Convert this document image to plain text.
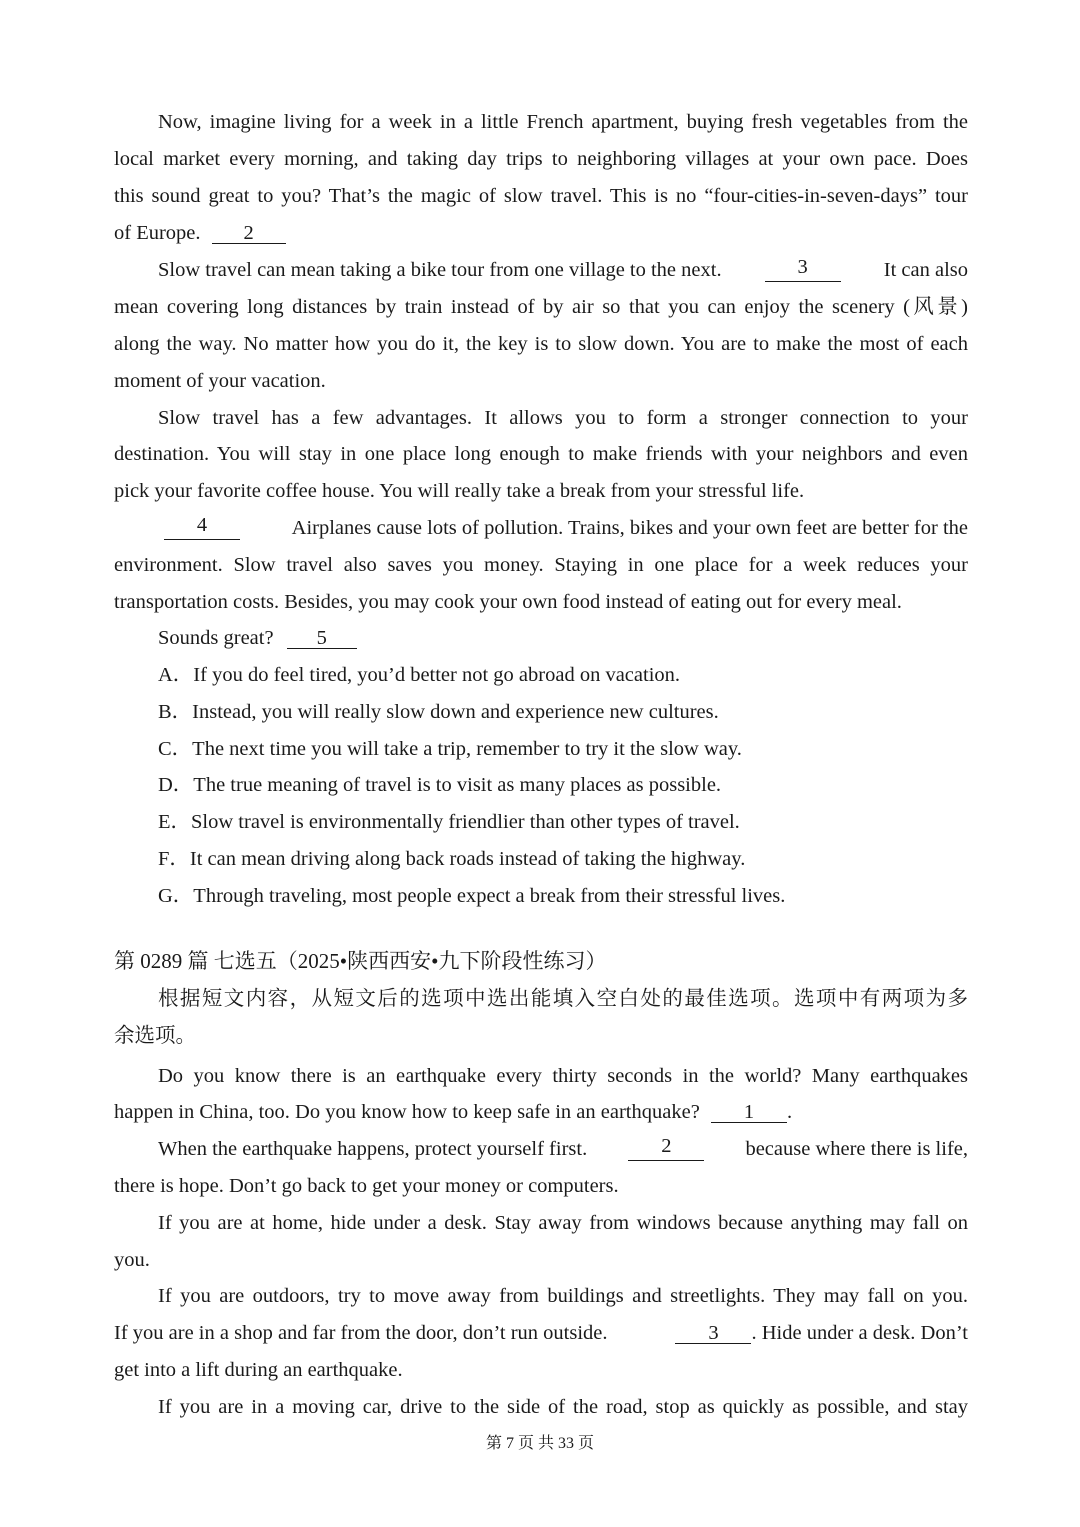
Now, imagine living for a week in a little French apartment, buying fresh vegetables from the
local market every morning, and taking day trips to neighboring villages at your own pace. Does
this sound great to you? That’s the magic of slow travel. This is no “four-cities-in-seven-days” tour
of Europe. 2
Slow travel can mean taking a bike tour from one village to the next.	3	It can also
mean covering long distances by train instead of by air so that you can enjoy the scenery (风景)
along the way. No matter how you do it, the key is to slow down. You are to make the most of each
moment of your vacation.
Slow travel has a few advantages. It allows you to form a stronger connection to your
destination. You will stay in one place long enough to make friends with your neighbors and even
pick your favorite coffee house. You will really take a break from your stressful life.
4	Airplanes cause lots of pollution. Trains, bikes and your own feet are better for the
environment. Slow travel also saves you money. Staying in one place for a week reduces your
transportation costs. Besides, you may cook your own food instead of eating out for every meal.
Sounds great? 5
A．If you do feel tired, you’d better not go abroad on vacation.
B．Instead, you will really slow down and experience new cultures.
C．The next time you will take a trip, remember to try it the slow way.
D．The true meaning of travel is to visit as many places as possible.
E．Slow travel is environmentally friendlier than other types of travel.
F．It can mean driving along back roads instead of taking the highway.
G．Through traveling, most people expect a break from their stressful lives.
第 0289 篇 七选五（2025•陕西西安•九下阶段性练习）
根据短文内容，从短文后的选项中选出能填入空白处的最佳选项。选项中有两项为多
余选项。
Do you know there is an earthquake every thirty seconds in the world? Many earthquakes
happen in China, too. Do you know how to keep safe in an earthquake? 1 .
When the earthquake happens, protect yourself first.	2	because where there is life,
there is hope. Don’t go back to get your money or computers.
If you are at home, hide under a desk. Stay away from windows because anything may fall on
you.
If you are outdoors, try to move away from buildings and streetlights. They may fall on you.
If you are in a shop and far from the door, don’t run outside.	3 . Hide under a desk. Don’t
get into a lift during an earthquake.
If you are in a moving car, drive to the side of the road, stop as quickly as possible, and stay
第 7 页 共 33 页
